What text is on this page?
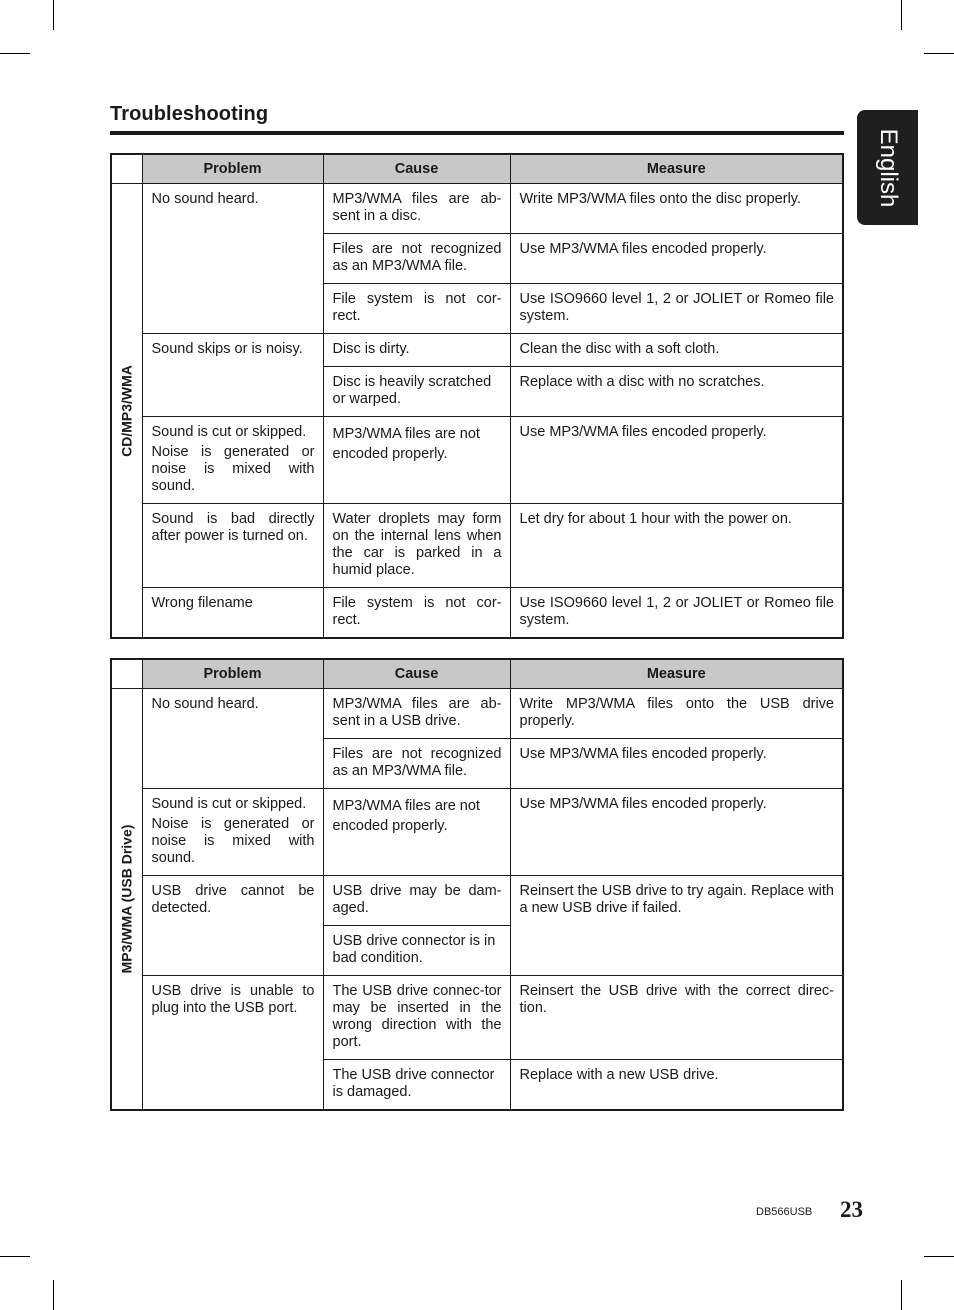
Troubleshooting
English
	Problem	Cause	Measure

CD/MP3/WMA	No sound heard.	MP3/WMA files are ab-sent in a disc.	Write MP3/WMA files onto the disc properly.
		Files are not recognized as an MP3/WMA file.	Use MP3/WMA files encoded properly.
		File system is not cor-rect.	Use ISO9660 level 1, 2 or JOLIET or Romeo file system.
	Sound skips or is noisy.	Disc is dirty.	Clean the disc with a soft cloth.
		Disc is heavily scratched or warped.	Replace with a disc with no scratches.
	Sound is cut or skipped.
Noise is generated or noise is mixed with sound.	MP3/WMA files are not encoded properly.	Use MP3/WMA files encoded properly.
	Sound is bad directly after power is turned on.	Water droplets may form on the internal lens when the car is parked in a humid place.	Let dry for about 1 hour with the power on.
	Wrong filename	File system is not cor-rect.	Use ISO9660 level 1, 2 or JOLIET or Romeo file system.
	Problem	Cause	Measure

MP3/WMA (USB Drive)	No sound heard.	MP3/WMA files are ab-sent in a USB drive.	Write MP3/WMA files onto the USB drive properly.
		Files are not recognized as an MP3/WMA file.	Use MP3/WMA files encoded properly.
	Sound is cut or skipped.
Noise is generated or noise is mixed with sound.	MP3/WMA files are not encoded properly.	Use MP3/WMA files encoded properly.
	USB drive cannot be detected.	USB drive may be dam-aged.	Reinsert the USB drive to try again. Replace with a new USB drive if failed.
		USB drive connector is in bad condition.	
	USB drive is unable to plug into the USB port.	The USB drive connec-tor may be inserted in the wrong direction with the port.	Reinsert the USB drive with the correct direc-tion.
		The USB drive connector is damaged.	Replace with a new USB drive.
DB566USB 23
